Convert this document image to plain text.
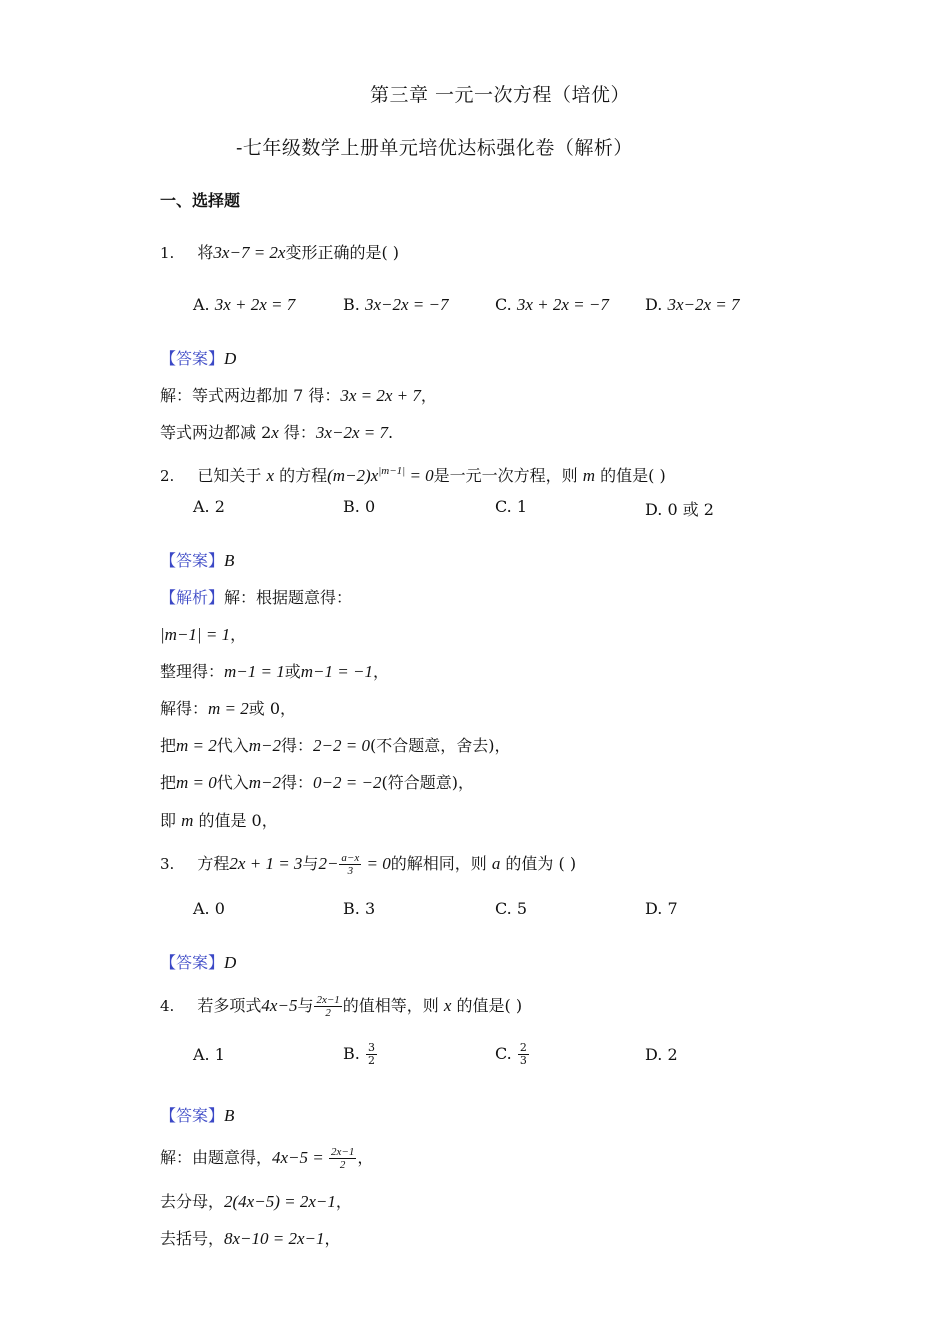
第三章 一元一次方程（培优）
-七年级数学上册单元培优达标强化卷（解析）
一、选择题
1. 将3x−7 = 2x变形正确的是( )
A. 3x + 2x = 7	B. 3x−2x = −7	C. 3x + 2x = −7 D. 3x−2x = 7
【答案】D
解：等式两边都加 7 得：3x = 2x + 7，
等式两边都减 2x 得：3x−2x = 7.
2. 已知关于 x 的方程$(m-2)x^{|m-1|} = 0$是一元一次方程，则 m 的值是( )
A. 2	B. 0	C. 1	D. 0 或 2
【答案】B
【解析】解：根据题意得：
|m−1| = 1，
整理得：m−1 = 1或m−1 = −1，
解得：m = 2或 0，
把m = 2代入m−2得：2−2 = 0(不合题意，舍去)，
把m = 0代入m−2得：0−2 = −2(符合题意)，
即 m 的值是 0，
3. 方程2x + 1 = 3与$2- \frac{a-x}{3} = 0$的解相同，则 a 的值为 ( )
A. 0	B. 3	C. 5	D. 7
【答案】D
4. 若多项式4x−5与 $\frac{2x-1}{2}$ 的值相等，则 x 的值是( )
A. 1	B. $\frac{3}{2}$	C. $\frac{2}{3}$	D. 2
【答案】B
解：由题意得，$4x-5 = \frac{2x-1}{2}$ ，
去分母，2(4x−5) = 2x−1，
去括号，8x−10 = 2x−1，
